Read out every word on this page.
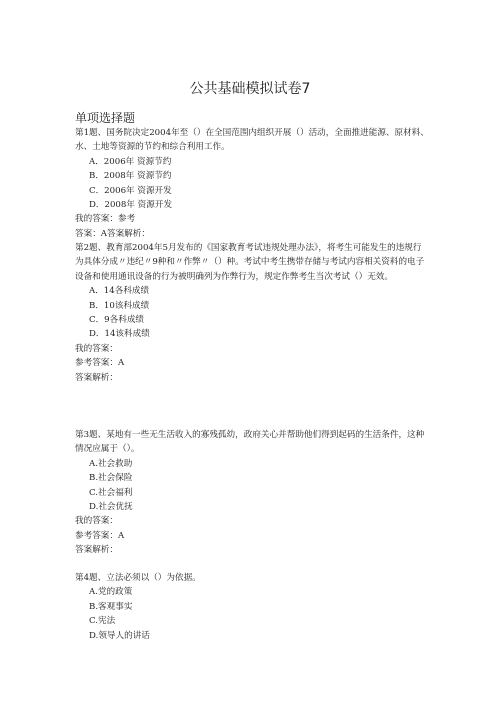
公共基础模拟试卷7
单项选择题

第1题、国务院决定2004年至（）在全国范围内组织开展（）活动，全面推进能源、原材料、水、土地等资源的节约和综合利用工作。

A．2006年 资源节约

B．2008年 资源节约

C．2006年 资源开发

D．2008年 资源开发

我的答案：参考

答案：A答案解析：

第2题、教育部2004年5月发布的《国家教育考试违规处理办法》，将考生可能发生的违规行为具体分成〃违纪〃9种和〃作弊〃（）种。考试中考生携带存储与考试内容相关资料的电子设备和使用通讯设备的行为被明确列为作弊行为，规定作弊考生当次考试（）无效。

A．14各科成绩

B．10该科成绩

C．9各科成绩

D．14该科成绩

我的答案：

参考答案：A

答案解析：

第3题、某地有一些无生活收入的寡残孤幼，政府关心并帮助他们得到起码的生活条件，这种情况应属于（）。

A.社会救助

B.社会保险

C.社会福利

D.社会优抚

我的答案：

参考答案：A

答案解析：

第4题、立法必须以（）为依据。

A.党的政策

B.客观事实

C.宪法

D.领导人的讲话
